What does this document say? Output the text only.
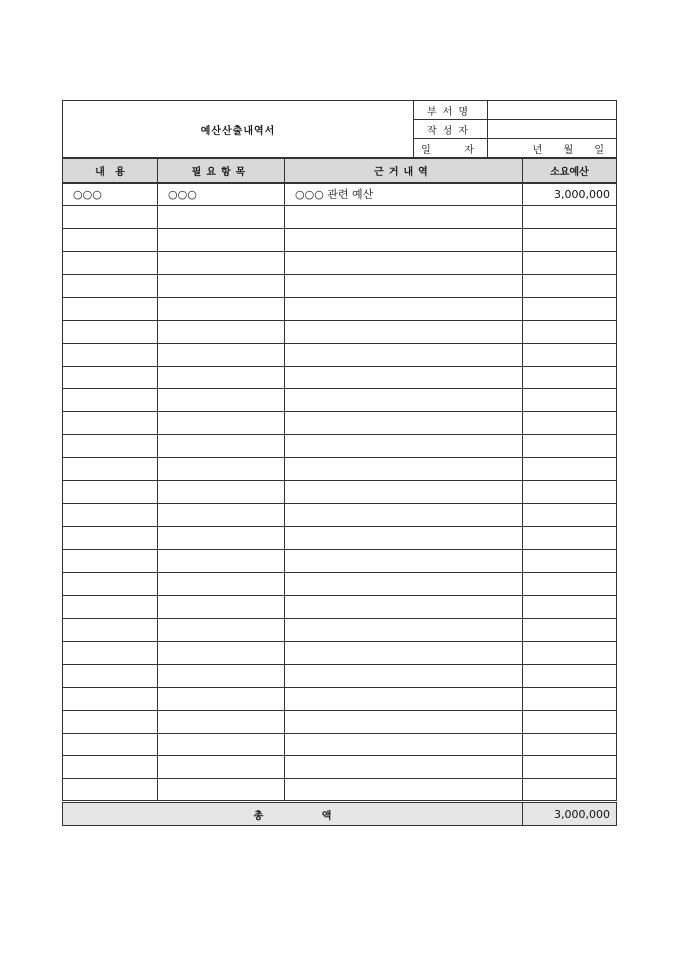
예산산출내역서	부서명	
	작성자	
	일   자	년 월 일
내   용	필요항목	근거내역	소요예산
○○○	○○○	○○○ 관련 예산	3,000,000

총 액			3,000,000
